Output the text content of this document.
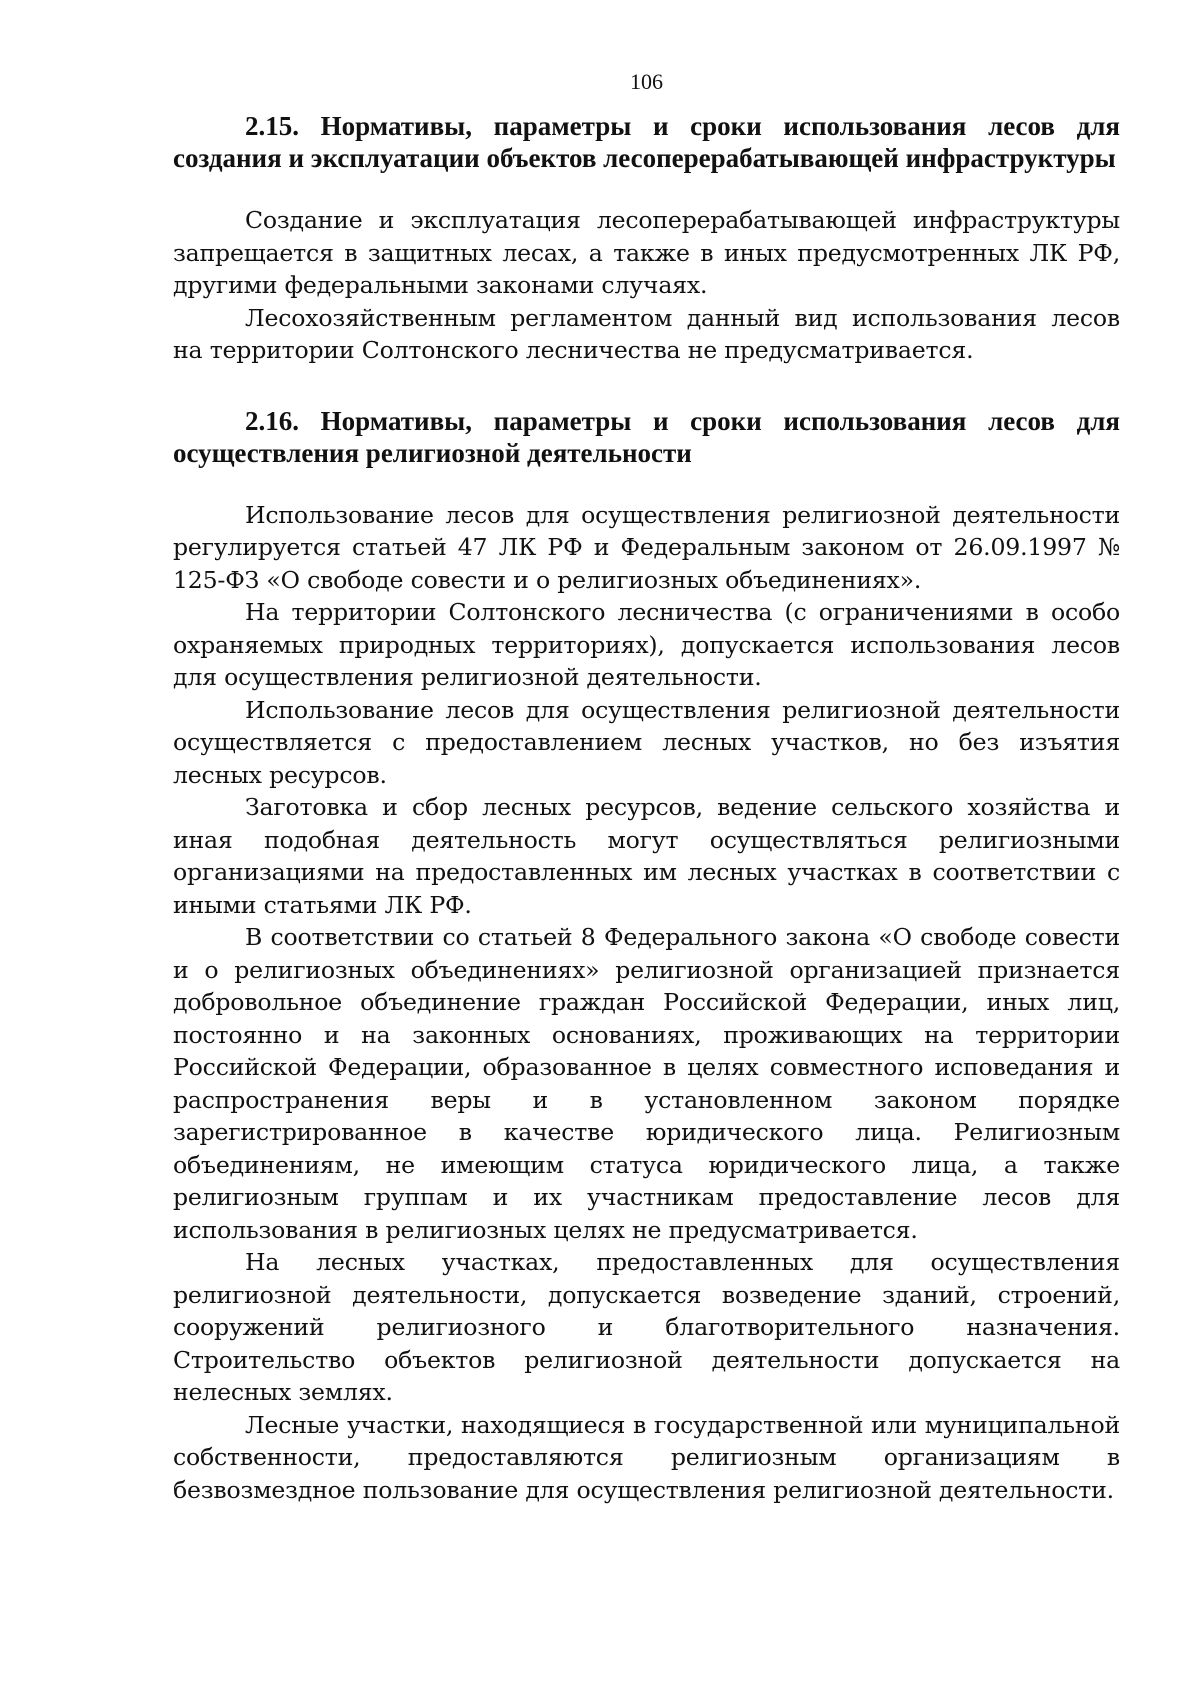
106

2.15. Нормативы, параметры и сроки использования лесов для создания и эксплуатации объектов лесоперерабатывающей инфраструктуры

Создание и эксплуатация лесоперерабатывающей инфраструктуры запрещается в защитных лесах, а также в иных предусмотренных ЛК РФ, другими федеральными законами случаях.

Лесохозяйственным регламентом данный вид использования лесов на территории Солтонского лесничества не предусматривается.

2.16. Нормативы, параметры и сроки использования лесов для осуществления религиозной деятельности

Использование лесов для осуществления религиозной деятельности регулируется статьей 47 ЛК РФ и Федеральным законом от 26.09.1997 № 125-ФЗ «О свободе совести и о религиозных объединениях».

На территории Солтонского лесничества (с ограничениями в особо охраняемых природных территориях), допускается использования лесов для осуществления религиозной деятельности.

Использование лесов для осуществления религиозной деятельности осуществляется с предоставлением лесных участков, но без изъятия лесных ресурсов.

Заготовка и сбор лесных ресурсов, ведение сельского хозяйства и иная подобная деятельность могут осуществляться религиозными организациями на предоставленных им лесных участках в соответствии с иными статьями ЛК РФ.

В соответствии со статьей 8 Федерального закона «О свободе совести и о религиозных объединениях» религиозной организацией признается добровольное объединение граждан Российской Федерации, иных лиц, постоянно и на законных основаниях, проживающих на территории Российской Федерации, образованное в целях совместного исповедания и распространения веры и в установленном законом порядке зарегистрированное в качестве юридического лица. Религиозным объединениям, не имеющим статуса юридического лица, а также религиозным группам и их участникам предоставление лесов для использования в религиозных целях не предусматривается.

На лесных участках, предоставленных для осуществления религиозной деятельности, допускается возведение зданий, строений, сооружений религиозного и благотворительного назначения. Строительство объектов религиозной деятельности допускается на нелесных землях.

Лесные участки, находящиеся в государственной или муниципальной собственности, предоставляются религиозным организациям в безвозмездное пользование для осуществления религиозной деятельности.
